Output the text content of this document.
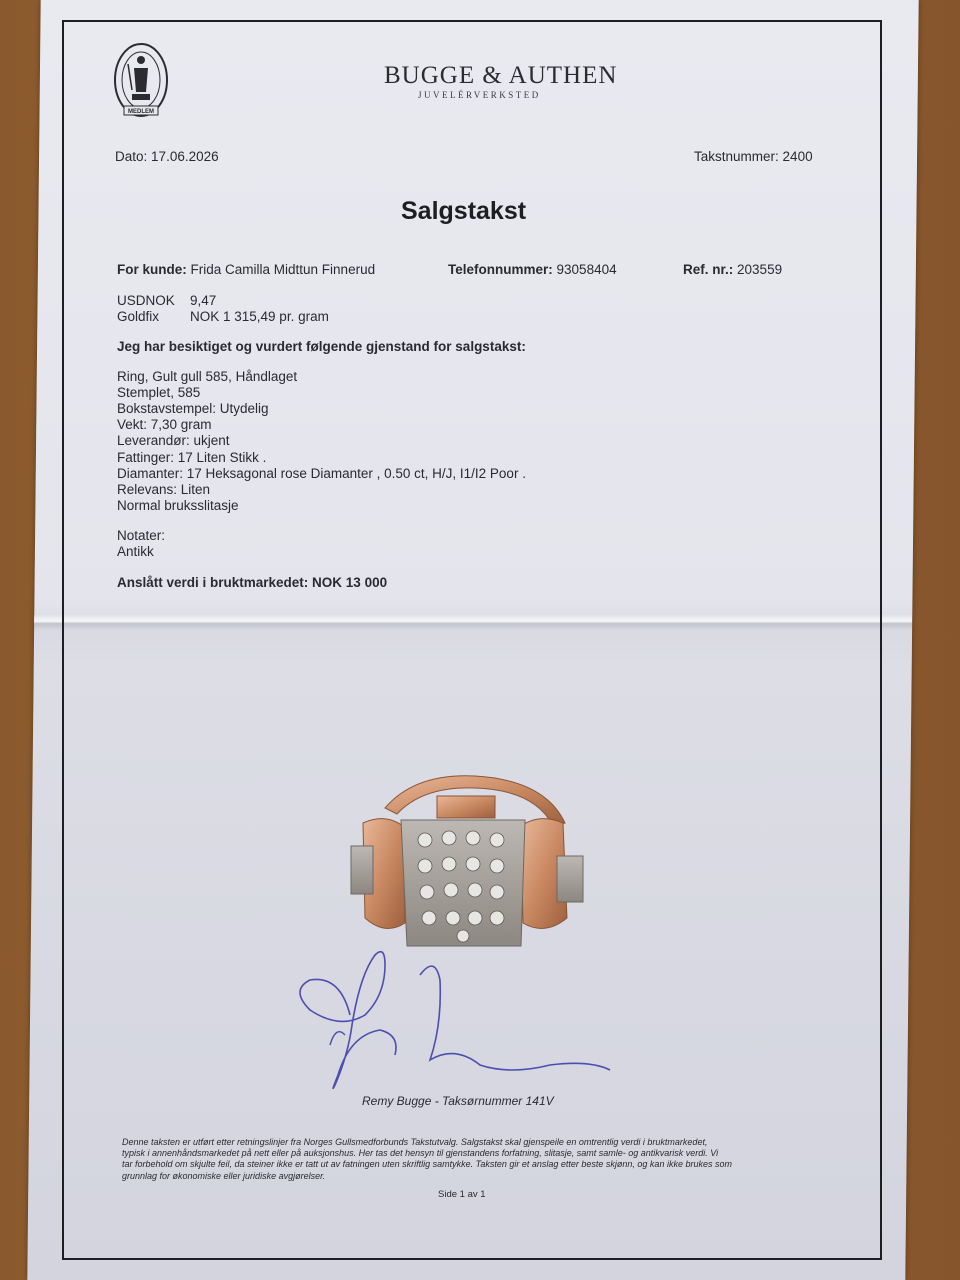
MEDLEM
BUGGE & AUTHEN
JUVELÉRVERKSTED
Dato: 17.06.2026	Takstnummer: 2400
Salgstakst
For kunde: Frida Camilla Midttun Finnerud	Telefonnummer: 93058404	Ref. nr.: 203559
USDNOK 9,47
Goldfix NOK 1 315,49 pr. gram
Jeg har besiktiget og vurdert følgende gjenstand for salgstakst:
Ring, Gult gull 585, Håndlaget
Stemplet, 585
Bokstavstempel: Utydelig
Vekt: 7,30 gram
Leverandør: ukjent
Fattinger: 17 Liten Stikk .
Diamanter: 17 Heksagonal rose Diamanter , 0.50 ct, H/J, I1/I2 Poor .
Relevans: Liten
Normal bruksslitasje
Notater:
Antikk
Anslått verdi i bruktmarkedet: NOK 13 000
Remy Bugge - Taksørnummer 141V
Denne taksten er utført etter retningslinjer fra Norges Gullsmedforbunds Takstutvalg. Salgstakst skal gjenspeile en omtrentlig verdi i bruktmarkedet,
typisk i annenhåndsmarkedet på nett eller på auksjonshus. Her tas det hensyn til gjenstandens forfatning, slitasje, samt samle- og antikvarisk verdi. Vi
tar forbehold om skjulte feil, da steiner ikke er tatt ut av fatningen uten skriftlig samtykke. Taksten gir et anslag etter beste skjønn, og kan ikke brukes som
grunnlag for økonomiske eller juridiske avgjørelser.
Side 1 av 1
